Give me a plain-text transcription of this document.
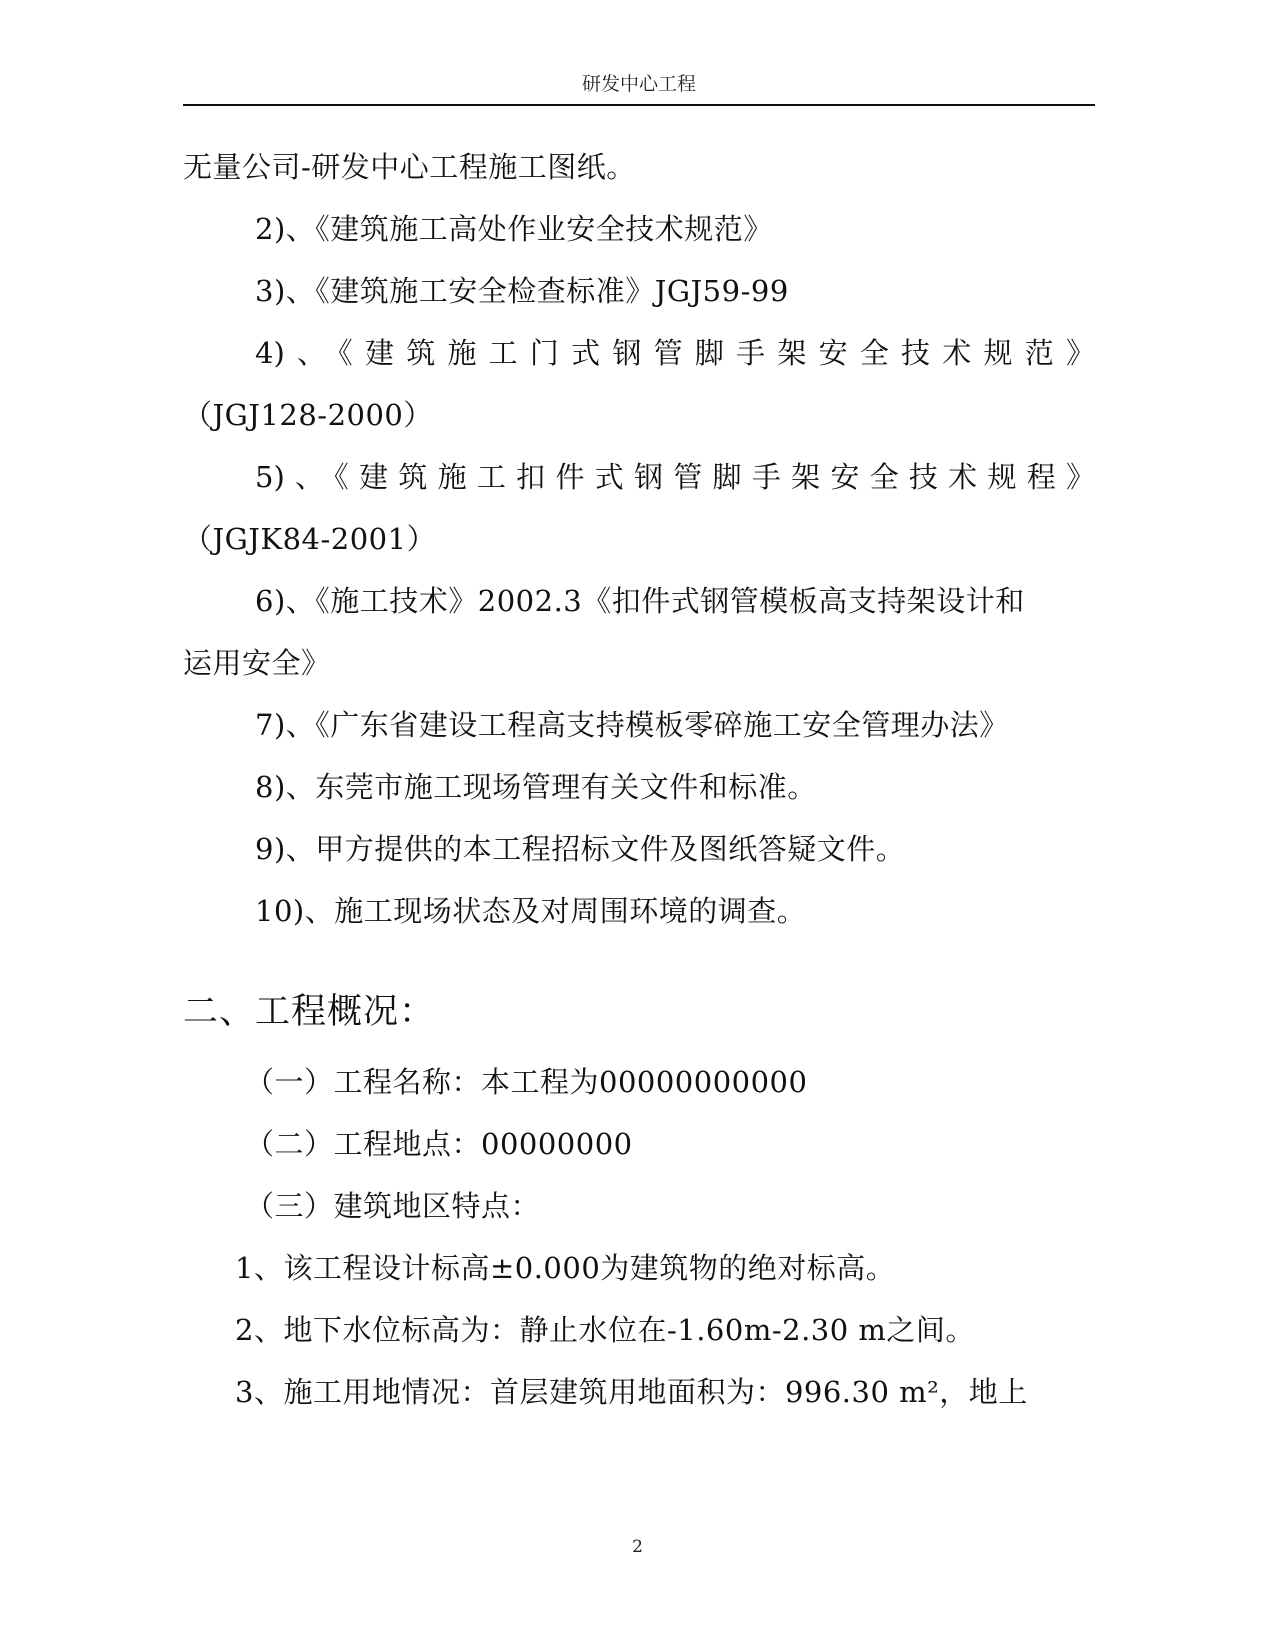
研发中心工程
无量公司-研发中心工程施工图纸。
2)、《建筑施工高处作业安全技术规范》
3)、《建筑施工安全检查标准》JGJ59-99
4)、《建筑施工门式钢管脚手架安全技术规范》
（JGJ128-2000）
5)、《建筑施工扣件式钢管脚手架安全技术规程》
（JGJK84-2001）
6)、《施工技术》2002.3《扣件式钢管模板高支持架设计和
运用安全》
7)、《广东省建设工程高支持模板零碎施工安全管理办法》
8)、东莞市施工现场管理有关文件和标准。
9)、甲方提供的本工程招标文件及图纸答疑文件。
10)、施工现场状态及对周围环境的调查。
二、工程概况：
（一）工程名称：本工程为00000000000
（二）工程地点：00000000
（三）建筑地区特点：
1、该工程设计标高±0.000为建筑物的绝对标高。
2、地下水位标高为：静止水位在-1.60m-2.30 m之间。
3、施工用地情况：首层建筑用地面积为：996.30 m²，地上
2
